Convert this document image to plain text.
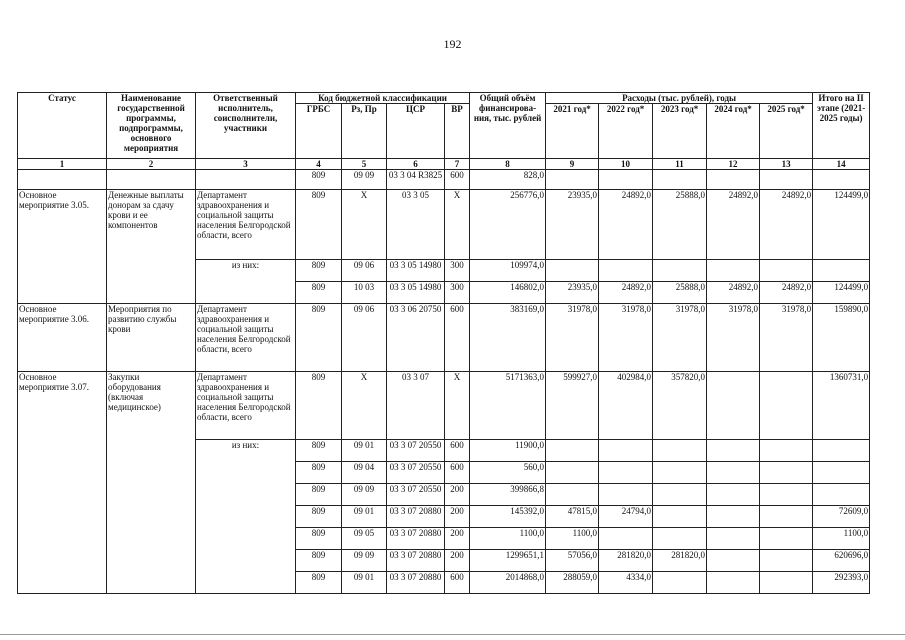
192
Статус	Наименование государственной программы, подпрограммы, основного мероприятия	Ответственный исполнитель, соисполнители, участники	Код бюджетной классификации				Общий объём финансирова-ния, тыс. рублей	Расходы (тыс. рублей), годы					Итого на II этапе (2021-2025 годы)
			ГРБС	Рз, Пр	ЦСР	ВР		2021 год*	2022 год*	2023 год*	2024 год*	2025 год*	
1	2	3	4	5	6	7	8	9	10	11	12	13	14
			809	09 09	03 3 04 R3825	600	828,0						
Основное мероприятие 3.05.	Денежные выплаты донорам за сдачу крови и ее компонентов	Департамент здравоохранения и социальной защиты населения Белгородской области, всего	809	Х	03 3 05	Х	256776,0	23935,0	24892,0	25888,0	24892,0	24892,0	124499,0
		из них:	809	09 06	03 3 05 14980	300	109974,0						
			809	10 03	03 3 05 14980	300	146802,0	23935,0	24892,0	25888,0	24892,0	24892,0	124499,0
Основное мероприятие 3.06.	Мероприятия по развитию службы крови	Департамент здравоохранения и социальной защиты населения Белгородской области, всего	809	09 06	03 3 06 20750	600	383169,0	31978,0	31978,0	31978,0	31978,0	31978,0	159890,0
Основное мероприятие 3.07.	Закупки оборудования (включая медицинское)	Департамент здравоохранения и социальной защиты населения Белгородской области, всего	809	Х	03 3 07	Х	5171363,0	599927,0	402984,0	357820,0			1360731,0
		из них:	809	09 01	03 3 07 20550	600	11900,0						
			809	09 04	03 3 07 20550	600	560,0						
			809	09 09	03 3 07 20550	200	399866,8						
			809	09 01	03 3 07 20880	200	145392,0	47815,0	24794,0				72609,0
			809	09 05	03 3 07 20880	200	1100,0	1100,0					1100,0
			809	09 09	03 3 07 20880	200	1299651,1	57056,0	281820,0	281820,0			620696,0
			809	09 01	03 3 07 20880	600	2014868,0	288059,0	4334,0				292393,0
